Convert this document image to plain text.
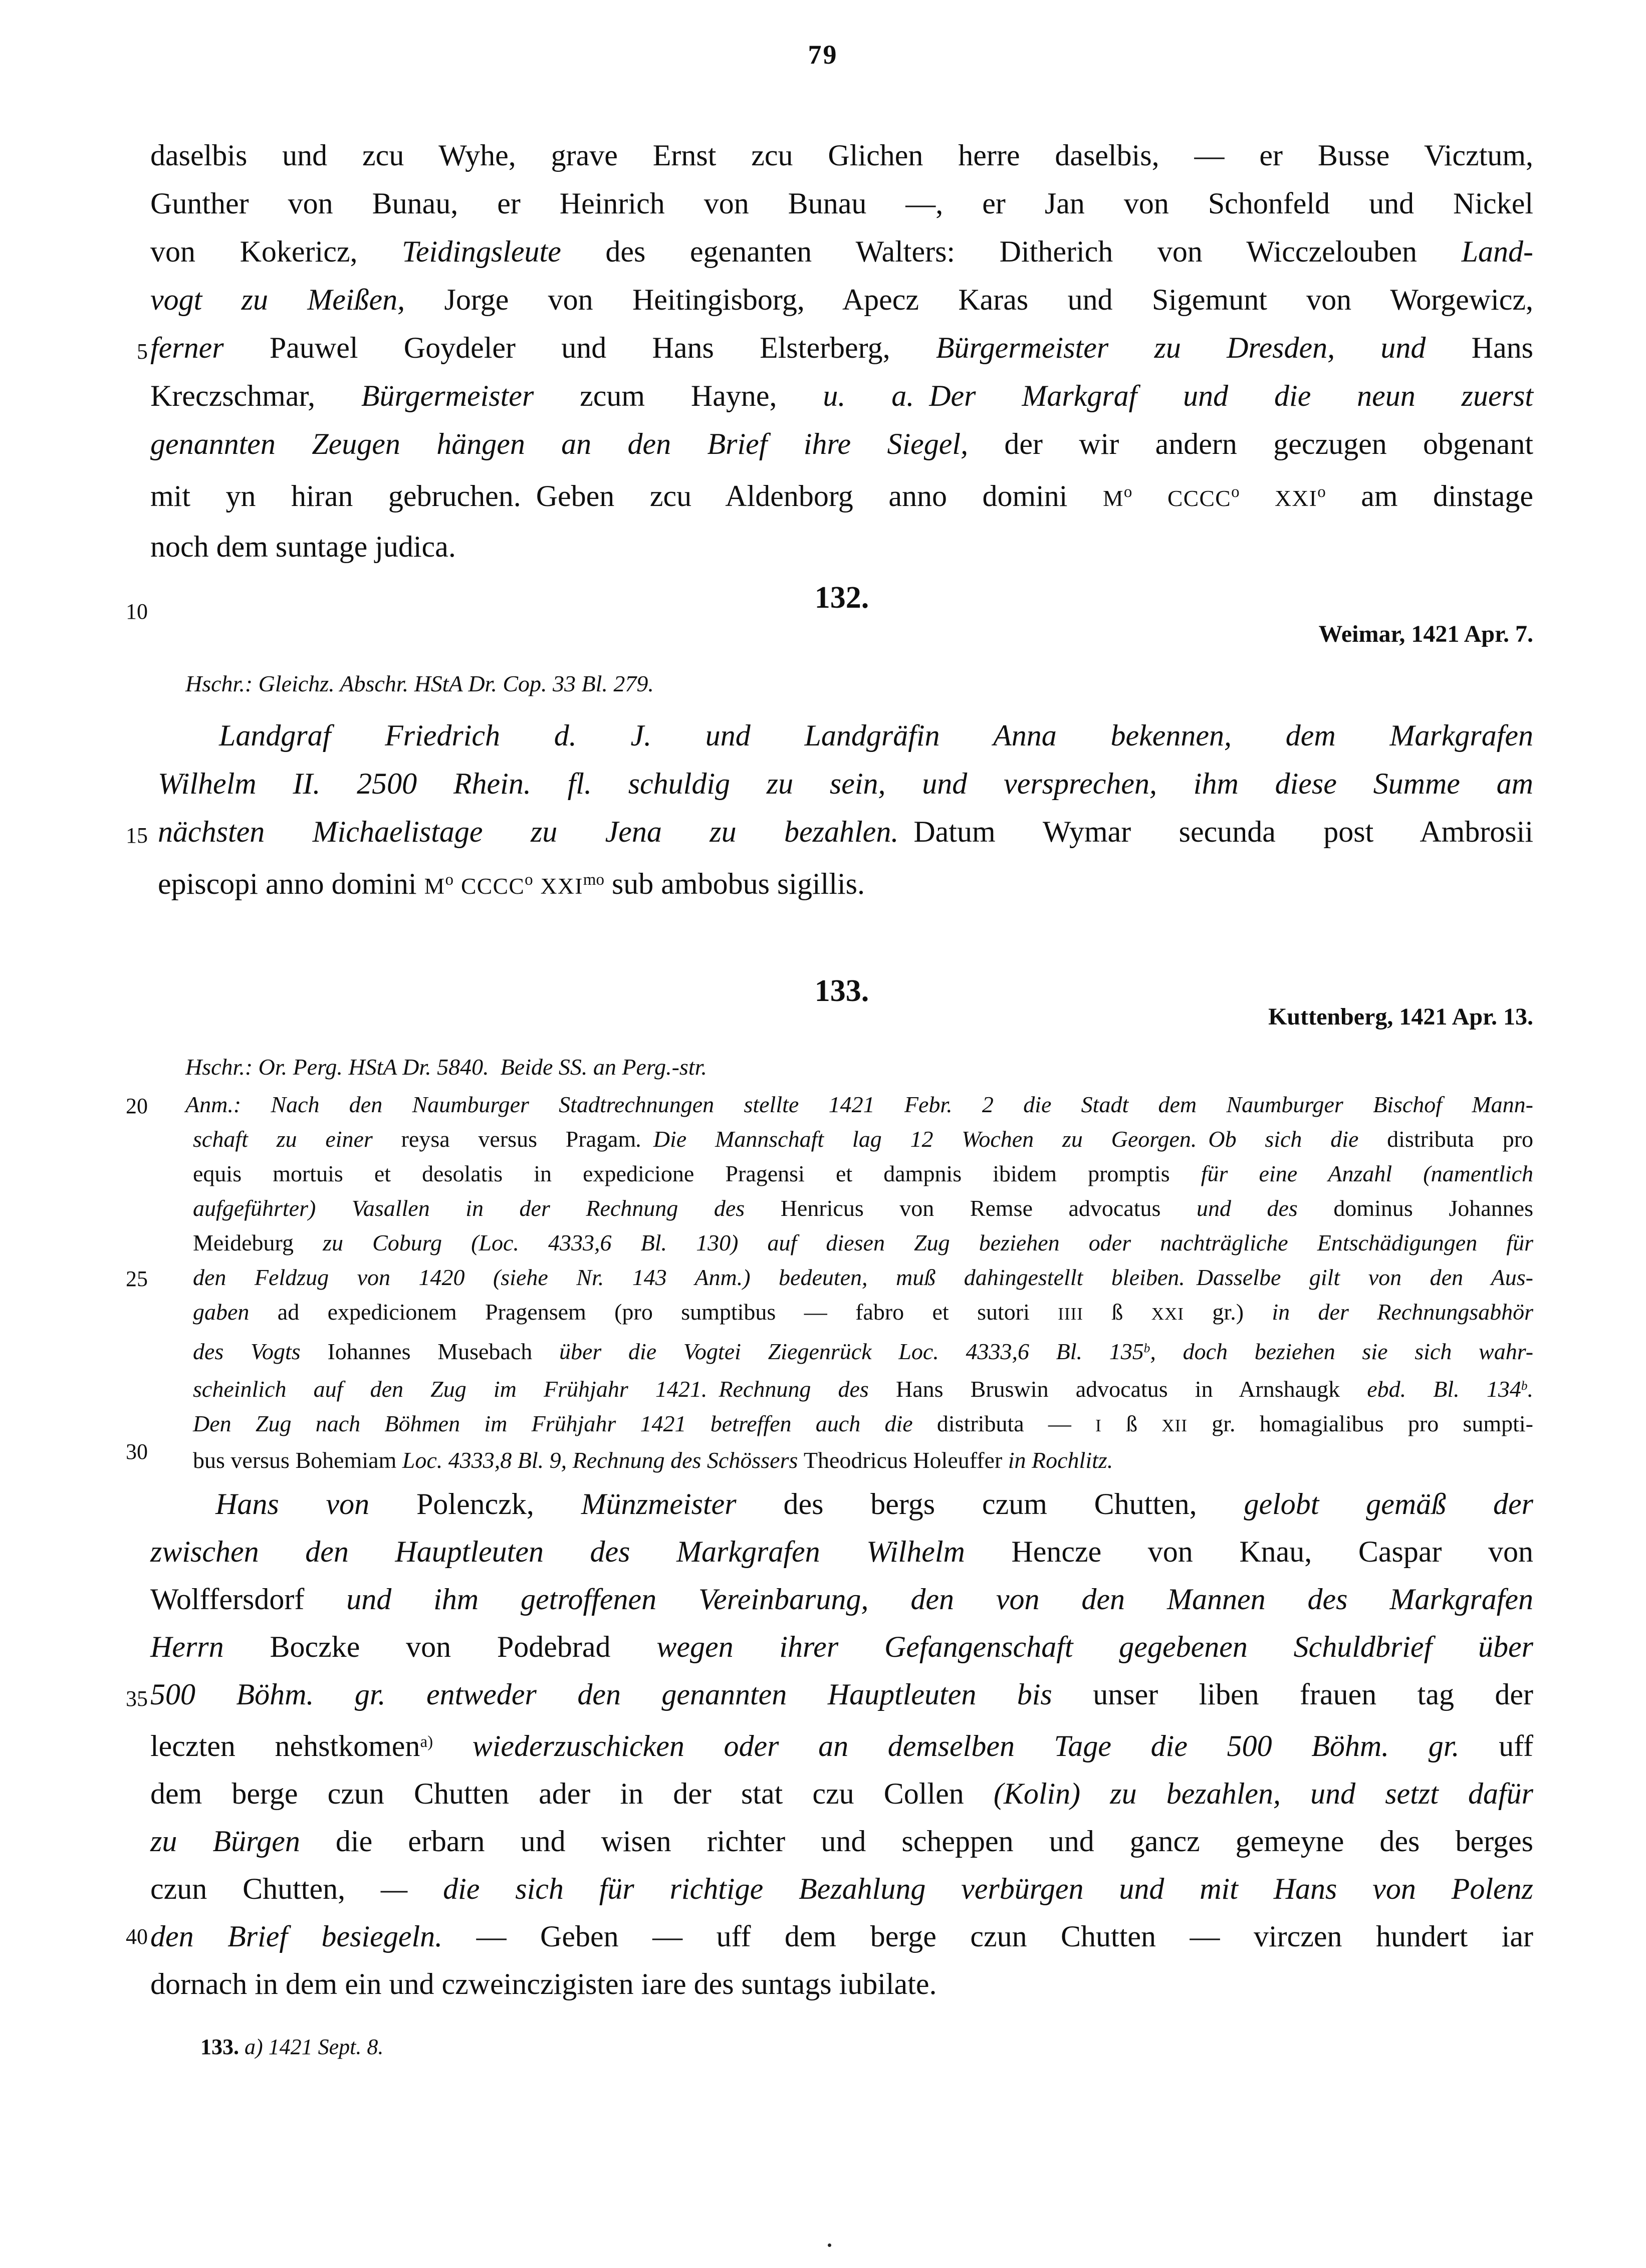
79
5
10
15
20
25
30
35
40
daselbis und zcu Wyhe, grave Ernst zcu Glichen herre daselbis, — er Busse Vicztum,
Gunther von Bunau, er Heinrich von Bunau —, er Jan von Schonfeld und Nickel
von Kokericz, Teidingsleute des egenanten Walters: Ditherich von Wicczelouben Land-
vogt zu Meißen, Jorge von Heitingisborg, Apecz Karas und Sigemunt von Worgewicz,
ferner Pauwel Goydeler und Hans Elsterberg, Bürgermeister zu Dresden, und Hans
Kreczschmar, Bürgermeister zcum Hayne, u. a. Der Markgraf und die neun zuerst
genannten Zeugen hängen an den Brief ihre Siegel, der wir andern geczugen obgenant
mit yn hiran gebruchen. Geben zcu Aldenborg anno domini $M^o$ CCCC$^o$ XXI$^o$ am dinstage
noch dem suntage judica.
132.
Weimar, 1421 Apr. 7.
Hschr.: Gleichz. Abschr. HStA Dr. Cop. 33 Bl. 279.
Landgraf Friedrich d. J. und Landgräfin Anna bekennen, dem Markgrafen
Wilhelm II. 2500 Rhein. fl. schuldig zu sein, und versprechen, ihm diese Summe am
nächsten Michaelistage zu Jena zu bezahlen. Datum Wymar secunda post Ambrosii
episcopi anno domini $M^o$ CCCC$^o$ $XXI^{mo}$ sub ambobus sigillis.
133.
Kuttenberg, 1421 Apr. 13.
Hschr.: Or. Perg. HStA Dr. 5840. Beide SS. an Perg.-str.
Anm.: Nach den Naumburger Stadtrechnungen stellte 1421 Febr. 2 die Stadt dem Naumburger Bischof Mann-
schaft zu einer reysa versus Pragam. Die Mannschaft lag 12 Wochen zu Georgen. Ob sich die distributa pro
equis mortuis et desolatis in expedicione Pragensi et dampnis ibidem promptis für eine Anzahl (namentlich
aufgeführter) Vasallen in der Rechnung des Henricus von Remse advocatus und des dominus Johannes
Meideburg zu Coburg (Loc. 4333,6 Bl. 130) auf diesen Zug beziehen oder nachträgliche Entschädigungen für
den Feldzug von 1420 (siehe Nr. 143 Anm.) bedeuten, muß dahingestellt bleiben. Dasselbe gilt von den Aus-
gaben ad expedicionem Pragensem (pro sumptibus — fabro et sutori IIII ß XXI gr.) in der Rechnungsabhör
des Vogts Iohannes Musebach über die Vogtei Ziegenrück Loc. 4333,6 Bl. 135$^b$, doch beziehen sie sich wahr-
scheinlich auf den Zug im Frühjahr 1421. Rechnung des Hans Bruswin advocatus in Arnshaugk ebd. Bl. 134$^b$.
Den Zug nach Böhmen im Frühjahr 1421 betreffen auch die distributa — I ß XII gr. homagialibus pro sumpti-
bus versus Bohemiam Loc. 4333,8 Bl. 9, Rechnung des Schössers Theodricus Holeuffer in Rochlitz.
Hans von Polenczk, Münzmeister des bergs czum Chutten, gelobt gemäß der
zwischen den Hauptleuten des Markgrafen Wilhelm Hencze von Knau, Caspar von
Wolffersdorf und ihm getroffenen Vereinbarung, den von den Mannen des Markgrafen
Herrn Boczke von Podebrad wegen ihrer Gefangenschaft gegebenen Schuldbrief über
500 Böhm. gr. entweder den genannten Hauptleuten bis unser liben frauen tag der
leczten nehstkomen$^{a)}$ wiederzuschicken oder an demselben Tage die 500 Böhm. gr. uff
dem berge czun Chutten ader in der stat czu Collen (Kolin) zu bezahlen, und setzt dafür
zu Bürgen die erbarn und wisen richter und scheppen und gancz gemeyne des berges
czun Chutten, — die sich für richtige Bezahlung verbürgen und mit Hans von Polenz
den Brief besiegeln. — Geben — uff dem berge czun Chutten — virczen hundert iar
dornach in dem ein und czweinczigisten iare des suntags iubilate.
133. a) 1421 Sept. 8.
